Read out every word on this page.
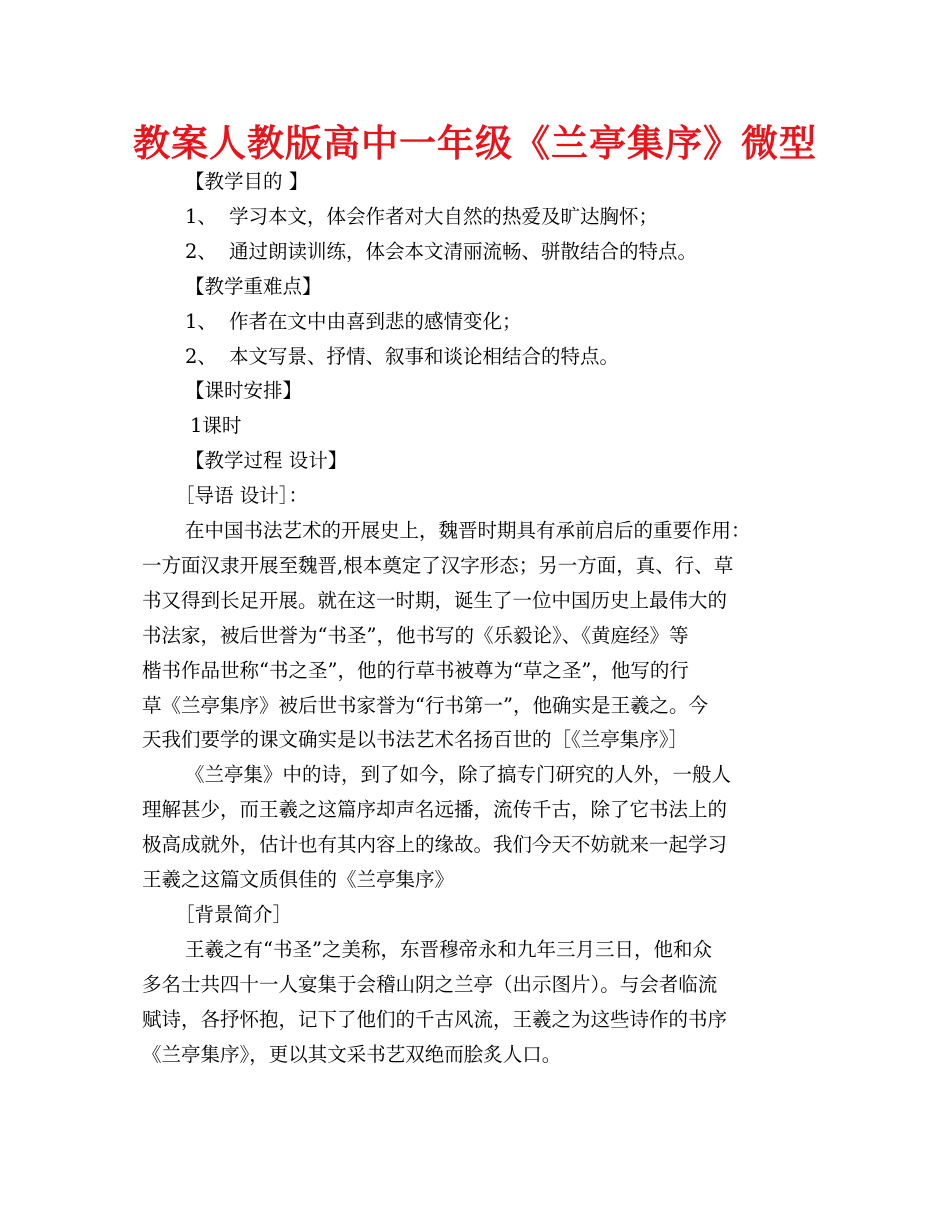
教案人教版高中一年级《兰亭集序》微型
【教学目的 】
1、 学习本文，体会作者对大自然的热爱及旷达胸怀；
2、 通过朗读训练，体会本文清丽流畅、骈散结合的特点。
【教学重难点】
1、 作者在文中由喜到悲的感情变化；
2、 本文写景、抒情、叙事和谈论相结合的特点。
【课时安排】
1课时
【教学过程 设计】
［导语 设计］：
在中国书法艺术的开展史上，魏晋时期具有承前启后的重要作用：
一方面汉隶开展至魏晋,根本奠定了汉字形态；另一方面，真、行、草
书又得到长足开展。就在这一时期，诞生了一位中国历史上最伟大的
书法家，被后世誉为“书圣”，他书写的《乐毅论》、《黄庭经》等
楷书作品世称“书之圣”，他的行草书被尊为“草之圣”，他写的行
草《兰亭集序》被后世书家誉为“行书第一”，他确实是王羲之。今
天我们要学的课文确实是以书法艺术名扬百世的［《兰亭集序》］
《兰亭集》中的诗，到了如今，除了搞专门研究的人外，一般人
理解甚少，而王羲之这篇序却声名远播，流传千古，除了它书法上的
极高成就外，估计也有其内容上的缘故。我们今天不妨就来一起学习
王羲之这篇文质俱佳的《兰亭集序》
［背景简介］
王羲之有“书圣”之美称，东晋穆帝永和九年三月三日，他和众
多名士共四十一人宴集于会稽山阴之兰亭（出示图片）。与会者临流
赋诗，各抒怀抱，记下了他们的千古风流，王羲之为这些诗作的书序
《兰亭集序》，更以其文采书艺双绝而脍炙人口。
